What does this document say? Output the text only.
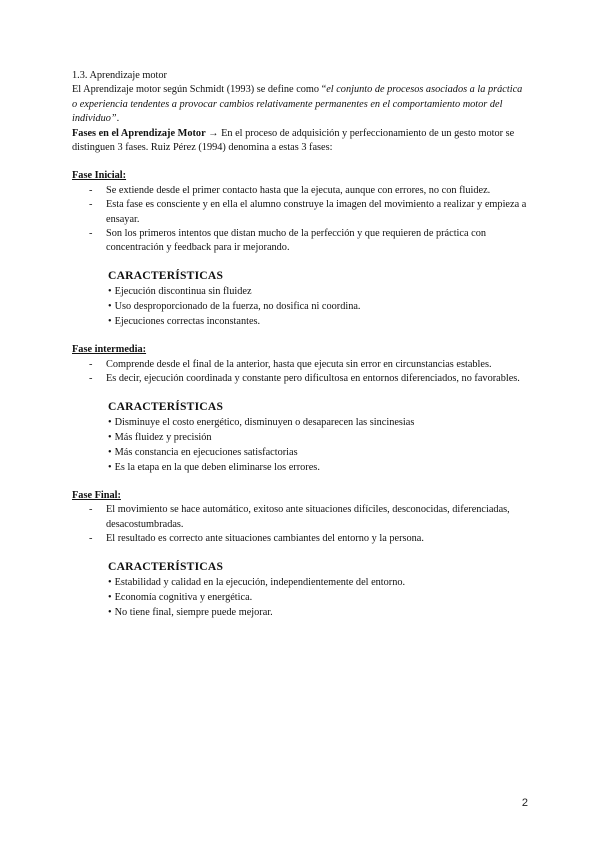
1.3. Aprendizaje motor

El Aprendizaje motor según Schmidt (1993) se define como “el conjunto de procesos asociados a la práctica o experiencia tendentes a provocar cambios relativamente permanentes en el comportamiento motor del individuo”.

Fases en el Aprendizaje Motor → En el proceso de adquisición y perfeccionamiento de un gesto motor se distinguen 3 fases. Ruiz Pérez (1994) denomina a estas 3 fases:

Fase Inicial:
- Se extiende desde el primer contacto hasta que la ejecuta, aunque con errores, no con fluidez.
- Esta fase es consciente y en ella el alumno construye la imagen del movimiento a realizar y empieza a ensayar.
- Son los primeros intentos que distan mucho de la perfección y que requieren de práctica con concentración y feedback para ir mejorando.
CARACTERÍSTICAS
• Ejecución discontinua sin fluidez
• Uso desproporcionado de la fuerza, no dosifica ni coordina.
• Ejecuciones correctas inconstantes.
Fase intermedia:
- Comprende desde el final de la anterior, hasta que ejecuta sin error en circunstancias estables.
- Es decir, ejecución coordinada y constante pero dificultosa en entornos diferenciados, no favorables.
CARACTERÍSTICAS
• Disminuye el costo energético, disminuyen o desaparecen las sincinesias
• Más fluidez y precisión
• Más constancia en ejecuciones satisfactorias
• Es la etapa en la que deben eliminarse los errores.
Fase Final:
- El movimiento se hace automático, exitoso ante situaciones difíciles, desconocidas, diferenciadas, desacostumbradas.
- El resultado es correcto ante situaciones cambiantes del entorno y la persona.
CARACTERÍSTICAS
• Estabilidad y calidad en la ejecución, independientemente del entorno.
• Economía cognitiva y energética.
• No tiene final, siempre puede mejorar.
2
